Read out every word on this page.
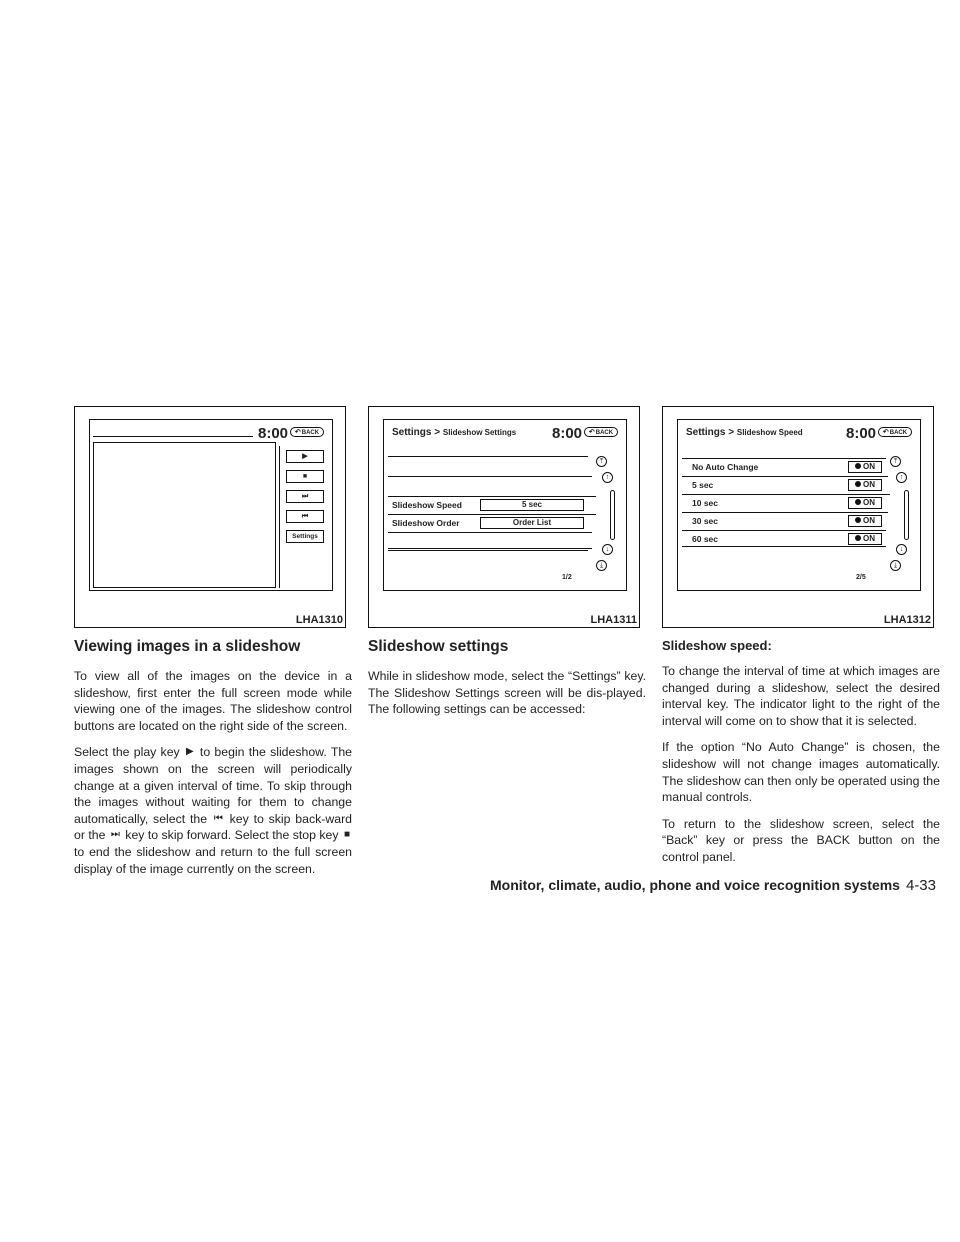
8:00 ↶BACK
▶
■
⏭
⏮
Settings
LHA1310
Settings > Slideshow Settings 8:00 ↶BACK
Slideshow Speed	5 sec
Slideshow Order	Order List
⤒
↑
↓
⤓
1/2
LHA1311
Settings > Slideshow Speed	8:00 ↶BACK
No Auto Change	ON
5 sec	ON
10 sec	ON
30 sec	ON
60 sec	ON
⤒
↑
↓
⤓
2/5
LHA1312
Viewing images in a slideshow

To view all of the images on the device in a slideshow, first enter the full screen mode while viewing one of the images. The slideshow control buttons are located on the right side of the screen.

Select the play key ▶ to begin the slideshow. The images shown on the screen will periodically change at a given interval of time. To skip through the images without waiting for them to change automatically, select the ⏮ key to skip back-ward or the ⏭ key to skip forward. Select the stop key ■ to end the slideshow and return to the full screen display of the image currently on the screen.

Slideshow settings

While in slideshow mode, select the “Settings” key. The Slideshow Settings screen will be dis-played. The following settings can be accessed:

Slideshow speed:

To change the interval of time at which images are changed during a slideshow, select the desired interval key. The indicator light to the right of the interval will come on to show that it is selected.

If the option “No Auto Change” is chosen, the slideshow will not change images automatically. The slideshow can then only be operated using the manual controls.

To return to the slideshow screen, select the “Back” key or press the BACK button on the control panel.

Monitor, climate, audio, phone and voice recognition systems 4-33
